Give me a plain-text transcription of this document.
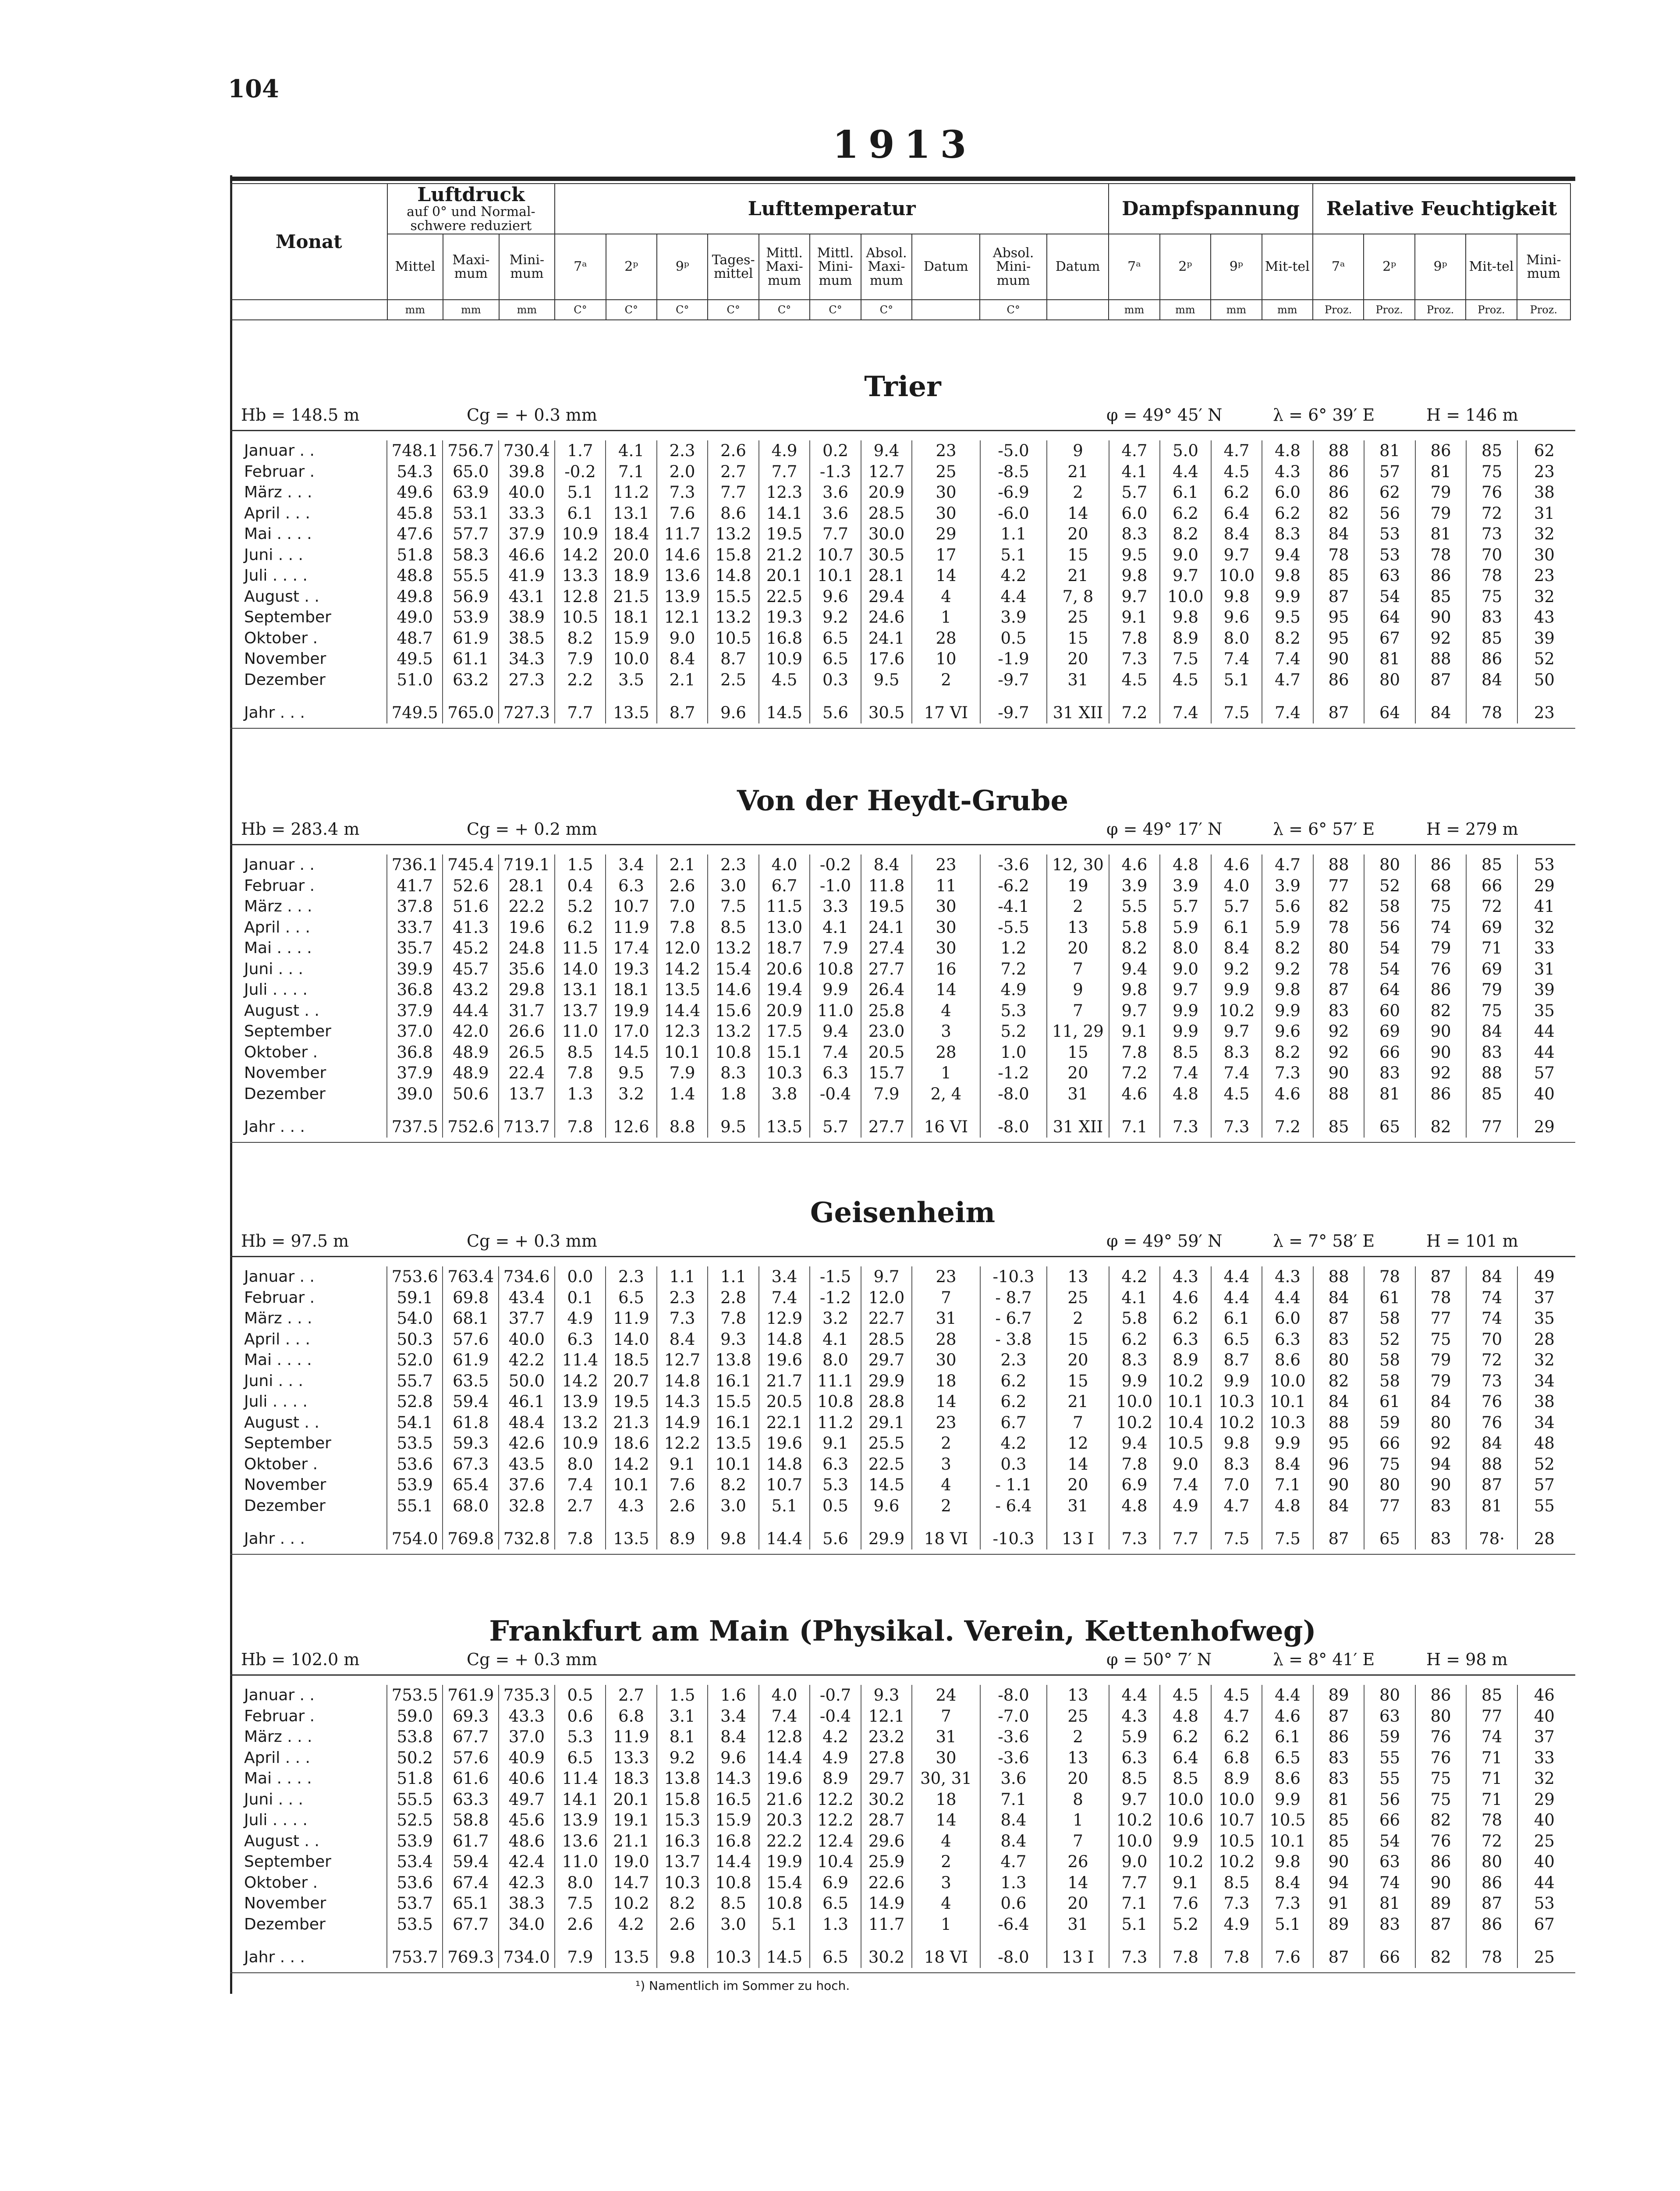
104
1913
Monat	Luftdruck
auf 0° und Normal-schwere reduziert			Lufttemperatur										Dampfspannung				Relative Feuchtigkeit				
	Mittel	Maxi-mum	Mini-mum	7ᵃ	2ᵖ	9ᵖ	Tages-mittel	Mittl. Maxi-mum	Mittl. Mini-mum	Absol. Maxi-mum	Datum	Absol. Mini-mum	Datum	7ᵃ	2ᵖ	9ᵖ	Mit-tel	7ᵃ	2ᵖ	9ᵖ	Mit-tel	Mini-mum
	mm	mm	mm	C°	C°	C°	C°	C°	C°	C°		C°		mm	mm	mm	mm	Proz.	Proz.	Proz.	Proz.	Proz.
Trier
Hb = 148.5 m	Cg = + 0.3 mm	φ = 49° 45′ N	λ = 6° 39′ E	H = 146 m
Januar . .	748.1	756.7	730.4	1.7	4.1	2.3	2.6	4.9	0.2	9.4	23	-5.0	9	4.7	5.0	4.7	4.8	88	81	86	85	62
Februar .	54.3	65.0	39.8	-0.2	7.1	2.0	2.7	7.7	-1.3	12.7	25	-8.5	21	4.1	4.4	4.5	4.3	86	57	81	75	23
März . . .	49.6	63.9	40.0	5.1	11.2	7.3	7.7	12.3	3.6	20.9	30	-6.9	2	5.7	6.1	6.2	6.0	86	62	79	76	38
April . . .	45.8	53.1	33.3	6.1	13.1	7.6	8.6	14.1	3.6	28.5	30	-6.0	14	6.0	6.2	6.4	6.2	82	56	79	72	31
Mai . . . .	47.6	57.7	37.9	10.9	18.4	11.7	13.2	19.5	7.7	30.0	29	1.1	20	8.3	8.2	8.4	8.3	84	53	81	73	32
Juni . . .	51.8	58.3	46.6	14.2	20.0	14.6	15.8	21.2	10.7	30.5	17	5.1	15	9.5	9.0	9.7	9.4	78	53	78	70	30
Juli . . . .	48.8	55.5	41.9	13.3	18.9	13.6	14.8	20.1	10.1	28.1	14	4.2	21	9.8	9.7	10.0	9.8	85	63	86	78	23
August . .	49.8	56.9	43.1	12.8	21.5	13.9	15.5	22.5	9.6	29.4	4	4.4	7, 8	9.7	10.0	9.8	9.9	87	54	85	75	32
September	49.0	53.9	38.9	10.5	18.1	12.1	13.2	19.3	9.2	24.6	1	3.9	25	9.1	9.8	9.6	9.5	95	64	90	83	43
Oktober .	48.7	61.9	38.5	8.2	15.9	9.0	10.5	16.8	6.5	24.1	28	0.5	15	7.8	8.9	8.0	8.2	95	67	92	85	39
November	49.5	61.1	34.3	7.9	10.0	8.4	8.7	10.9	6.5	17.6	10	-1.9	20	7.3	7.5	7.4	7.4	90	81	88	86	52
Dezember	51.0	63.2	27.3	2.2	3.5	2.1	2.5	4.5	0.3	9.5	2	-9.7	31	4.5	4.5	5.1	4.7	86	80	87	84	50

Jahr . . .	749.5	765.0	727.3	7.7	13.5	8.7	9.6	14.5	5.6	30.5	17 VI	-9.7	31 XII	7.2	7.4	7.5	7.4	87	64	84	78	23
Von der Heydt-Grube
Hb = 283.4 m	Cg = + 0.2 mm	φ = 49° 17′ N	λ = 6° 57′ E	H = 279 m
Januar . .	736.1	745.4	719.1	1.5	3.4	2.1	2.3	4.0	-0.2	8.4	23	-3.6	12, 30	4.6	4.8	4.6	4.7	88	80	86	85	53
Februar .	41.7	52.6	28.1	0.4	6.3	2.6	3.0	6.7	-1.0	11.8	11	-6.2	19	3.9	3.9	4.0	3.9	77	52	68	66	29
März . . .	37.8	51.6	22.2	5.2	10.7	7.0	7.5	11.5	3.3	19.5	30	-4.1	2	5.5	5.7	5.7	5.6	82	58	75	72	41
April . . .	33.7	41.3	19.6	6.2	11.9	7.8	8.5	13.0	4.1	24.1	30	-5.5	13	5.8	5.9	6.1	5.9	78	56	74	69	32
Mai . . . .	35.7	45.2	24.8	11.5	17.4	12.0	13.2	18.7	7.9	27.4	30	1.2	20	8.2	8.0	8.4	8.2	80	54	79	71	33
Juni . . .	39.9	45.7	35.6	14.0	19.3	14.2	15.4	20.6	10.8	27.7	16	7.2	7	9.4	9.0	9.2	9.2	78	54	76	69	31
Juli . . . .	36.8	43.2	29.8	13.1	18.1	13.5	14.6	19.4	9.9	26.4	14	4.9	9	9.8	9.7	9.9	9.8	87	64	86	79	39
August . .	37.9	44.4	31.7	13.7	19.9	14.4	15.6	20.9	11.0	25.8	4	5.3	7	9.7	9.9	10.2	9.9	83	60	82	75	35
September	37.0	42.0	26.6	11.0	17.0	12.3	13.2	17.5	9.4	23.0	3	5.2	11, 29	9.1	9.9	9.7	9.6	92	69	90	84	44
Oktober .	36.8	48.9	26.5	8.5	14.5	10.1	10.8	15.1	7.4	20.5	28	1.0	15	7.8	8.5	8.3	8.2	92	66	90	83	44
November	37.9	48.9	22.4	7.8	9.5	7.9	8.3	10.3	6.3	15.7	1	-1.2	20	7.2	7.4	7.4	7.3	90	83	92	88	57
Dezember	39.0	50.6	13.7	1.3	3.2	1.4	1.8	3.8	-0.4	7.9	2, 4	-8.0	31	4.6	4.8	4.5	4.6	88	81	86	85	40

Jahr . . .	737.5	752.6	713.7	7.8	12.6	8.8	9.5	13.5	5.7	27.7	16 VI	-8.0	31 XII	7.1	7.3	7.3	7.2	85	65	82	77	29
Geisenheim
Hb = 97.5 m	Cg = + 0.3 mm	φ = 49° 59′ N	λ = 7° 58′ E	H = 101 m
Januar . .	753.6	763.4	734.6	0.0	2.3	1.1	1.1	3.4	-1.5	9.7	23	-10.3	13	4.2	4.3	4.4	4.3	88	78	87	84	49
Februar .	59.1	69.8	43.4	0.1	6.5	2.3	2.8	7.4	-1.2	12.0	7	- 8.7	25	4.1	4.6	4.4	4.4	84	61	78	74	37
März . . .	54.0	68.1	37.7	4.9	11.9	7.3	7.8	12.9	3.2	22.7	31	- 6.7	2	5.8	6.2	6.1	6.0	87	58	77	74	35
April . . .	50.3	57.6	40.0	6.3	14.0	8.4	9.3	14.8	4.1	28.5	28	- 3.8	15	6.2	6.3	6.5	6.3	83	52	75	70	28
Mai . . . .	52.0	61.9	42.2	11.4	18.5	12.7	13.8	19.6	8.0	29.7	30	2.3	20	8.3	8.9	8.7	8.6	80	58	79	72	32
Juni . . .	55.7	63.5	50.0	14.2	20.7	14.8	16.1	21.7	11.1	29.9	18	6.2	15	9.9	10.2	9.9	10.0	82	58	79	73	34
Juli . . . .	52.8	59.4	46.1	13.9	19.5	14.3	15.5	20.5	10.8	28.8	14	6.2	21	10.0	10.1	10.3	10.1	84	61	84	76	38
August . .	54.1	61.8	48.4	13.2	21.3	14.9	16.1	22.1	11.2	29.1	23	6.7	7	10.2	10.4	10.2	10.3	88	59	80	76	34
September	53.5	59.3	42.6	10.9	18.6	12.2	13.5	19.6	9.1	25.5	2	4.2	12	9.4	10.5	9.8	9.9	95	66	92	84	48
Oktober .	53.6	67.3	43.5	8.0	14.2	9.1	10.1	14.8	6.3	22.5	3	0.3	14	7.8	9.0	8.3	8.4	96	75	94	88	52
November	53.9	65.4	37.6	7.4	10.1	7.6	8.2	10.7	5.3	14.5	4	- 1.1	20	6.9	7.4	7.0	7.1	90	80	90	87	57
Dezember	55.1	68.0	32.8	2.7	4.3	2.6	3.0	5.1	0.5	9.6	2	- 6.4	31	4.8	4.9	4.7	4.8	84	77	83	81	55

Jahr . . .	754.0	769.8	732.8	7.8	13.5	8.9	9.8	14.4	5.6	29.9	18 VI	-10.3	13 I	7.3	7.7	7.5	7.5	87	65	83	78·	28
Frankfurt am Main (Physikal. Verein, Kettenhofweg)
Hb = 102.0 m	Cg = + 0.3 mm	φ = 50° 7′ N	λ = 8° 41′ E	H = 98 m
Januar . .	753.5	761.9	735.3	0.5	2.7	1.5	1.6	4.0	-0.7	9.3	24	-8.0	13	4.4	4.5	4.5	4.4	89	80	86	85	46
Februar .	59.0	69.3	43.3	0.6	6.8	3.1	3.4	7.4	-0.4	12.1	7	-7.0	25	4.3	4.8	4.7	4.6	87	63	80	77	40
März . . .	53.8	67.7	37.0	5.3	11.9	8.1	8.4	12.8	4.2	23.2	31	-3.6	2	5.9	6.2	6.2	6.1	86	59	76	74	37
April . . .	50.2	57.6	40.9	6.5	13.3	9.2	9.6	14.4	4.9	27.8	30	-3.6	13	6.3	6.4	6.8	6.5	83	55	76	71	33
Mai . . . .	51.8	61.6	40.6	11.4	18.3	13.8	14.3	19.6	8.9	29.7	30, 31	3.6	20	8.5	8.5	8.9	8.6	83	55	75	71	32
Juni . . .	55.5	63.3	49.7	14.1	20.1	15.8	16.5	21.6	12.2	30.2	18	7.1	8	9.7	10.0	10.0	9.9	81	56	75	71	29
Juli . . . .	52.5	58.8	45.6	13.9	19.1	15.3	15.9	20.3	12.2	28.7	14	8.4	1	10.2	10.6	10.7	10.5	85	66	82	78	40
August . .	53.9	61.7	48.6	13.6	21.1	16.3	16.8	22.2	12.4	29.6	4	8.4	7	10.0	9.9	10.5	10.1	85	54	76	72	25
September	53.4	59.4	42.4	11.0	19.0	13.7	14.4	19.9	10.4	25.9	2	4.7	26	9.0	10.2	10.2	9.8	90	63	86	80	40
Oktober .	53.6	67.4	42.3	8.0	14.7	10.3	10.8	15.4	6.9	22.6	3	1.3	14	7.7	9.1	8.5	8.4	94	74	90	86	44
November	53.7	65.1	38.3	7.5	10.2	8.2	8.5	10.8	6.5	14.9	4	0.6	20	7.1	7.6	7.3	7.3	91	81	89	87	53
Dezember	53.5	67.7	34.0	2.6	4.2	2.6	3.0	5.1	1.3	11.7	1	-6.4	31	5.1	5.2	4.9	5.1	89	83	87	86	67

Jahr . . .	753.7	769.3	734.0	7.9	13.5	9.8	10.3	14.5	6.5	30.2	18 VI	-8.0	13 I	7.3	7.8	7.8	7.6	87	66	82	78	25
¹) Namentlich im Sommer zu hoch.
